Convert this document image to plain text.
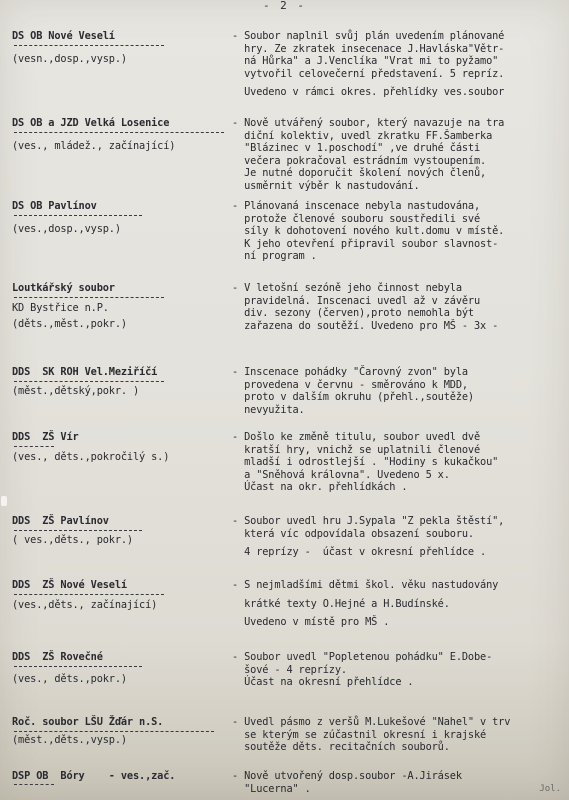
- 2 -
DS OB Nové Veselí
(vesn.,dosp.,vysp.)
- Soubor naplnil svůj plán uvedením plánované
hry. Ze zkratek insecenace J.Havláska"Větr-
ná Hůrka" a J.Venclíka "Vrat mi to pyžamo"
vytvořil celovečerní představení. 5 repríz.
Uvedeno v rámci okres. přehlídky ves.soubor
DS OB a JZD Velká Losenice
(ves., mládež., začínající)
- Nově utvářený soubor, který navazuje na tra
diční kolektiv, uvedl zkratku FF.Šamberka
"Blázinec v 1.poschodí" ,ve druhé části
večera pokračoval estrádním vystoupením.
Je nutné doporučit školení nových členů,
usměrnit výběr k nastudování.
DS OB Pavlínov
(ves.,dosp.,vysp.)
- Plánovaná inscenace nebyla nastudována,
protože členové souboru soustředili své
síly k dohotovení nového kult.domu v místě.
K jeho otevření připravil soubor slavnost-
ní program .
Loutkářský soubor
KD Bystřice n.P.
(děts.,měst.,pokr.)
- V letošní sezóně jeho činnost nebyla
pravidelná. Inscenaci uvedl až v závěru
div. sezony (červen),proto nemohla být
zařazena do soutěží. Uvedeno pro MŠ - 3x -
DDS  SK ROH Vel.Meziříčí
(měst.,dětský,pokr. )
- Inscenace pohádky "Čarovný zvon" byla
provedena v červnu - směrováno k MDD,
proto v dalším okruhu (přehl.,soutěže)
nevyužita.
DDS  ZŠ Vír
(ves., děts.,pokročilý s.)
- Došlo ke změně titulu, soubor uvedl dvě
kratší hry, vnichž se uplatnili členové
mladší i odrostlejší . "Hodiny s kukačkou"
a "Sněhová královna". Uvedeno 5 x.
Účast na okr. přehlídkách .
DDS  ZŠ Pavlínov
( ves.,děts., pokr.)
- Soubor uvedl hru J.Sypala "Z pekla štěstí",
která víc odpovídala obsazení souboru.
4 reprízy -  účast v okresní přehlídce .
DDS  ZŠ Nové Veselí
(ves.,děts., začínající)
- S nejmladšími dětmi škol. věku nastudovány
krátké texty O.Hejné a H.Budínské.
Uvedeno v místě pro MŠ .
DDS  ZŠ Rovečné
(ves., děts.,pokr.)
- Soubor uvedl "Popletenou pohádku" E.Dobe-
šové - 4 reprízy.
Účast na okresní přehlídce .
Roč. soubor LŠU Žďár n.S.
(měst.,děts.,vysp.)
- Uvedl pásmo z veršů M.Lukešové "Nahel" v trv
se kterým se zúčastnil okresní i krajské
soutěže děts. recitačních souborů.
DSP OB  Bóry    - ves.,zač.	- Nově utvořený dosp.soubor -A.Jirásek
"Lucerna" .	Jol.
